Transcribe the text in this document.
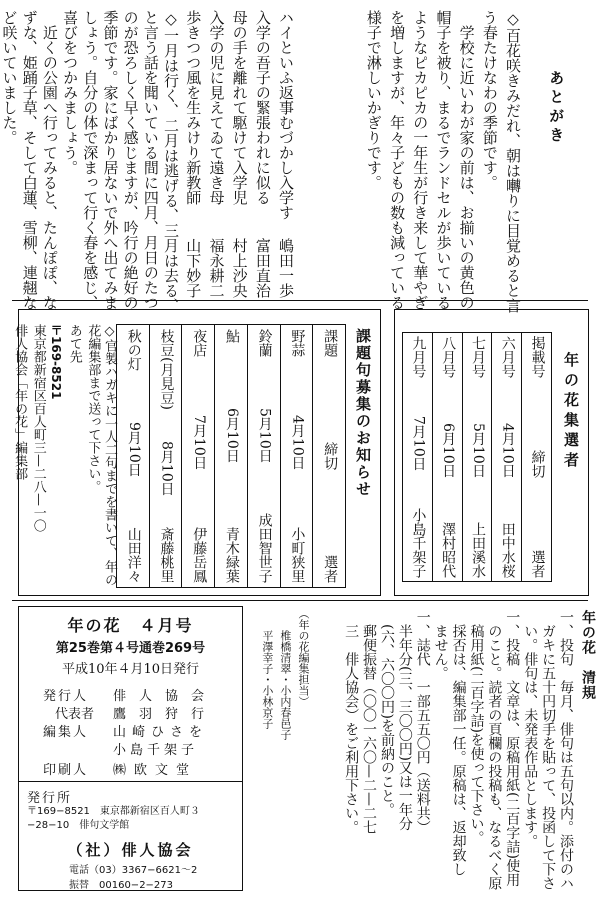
あとがき
◇百花咲きみだれ、朝は囀りに目覚めると言
う春たけなわの季節です。
　学校に近いわが家の前は、お揃いの黄色の
帽子を被り、まるでランドセルが歩いている
ようなピカピカの一年生が行き来して華やぎ
を増しますが、年々子どもの数も減っている
様子で淋しいかぎりです。
ハイといふ返事むづかし入学す
嶋田一歩
入学の吾子の緊張われに似る
富田直治
母の手を離れて駆けて入学児
村上沙央
入学の児に見えてゐて遠き母
福永耕二
歩きつつ風を生みけり新教師
山下妙子
◇一月は行く、二月は逃げる、三月は去る、
と言う話を聞いている間に四月、月日のたつ
のが恐ろしく早く感じますが、吟行の絶好の
季節です。家にばかり居ないで外へ出てみま
しょう。自分の体で深まって行く春を感じ、
喜びをつかみましょう。
　近くの公園へ行ってみると、たんぽぽ、な
ずな、姫踊子草、そして白蓮、雪柳、連翹な
ど咲いていました。
課題句募集のお知らせ
秋の灯
9月10日
山田洋々

枝豆(月見豆)
8月10日
斎藤桃里

夜店
7月10日
伊藤岳鳳

鮎
6月10日
青木緑葉

鈴蘭
5月10日
成田智世子

野蒜
4月10日
小町狭里

課題
締切
選者
◇官製ハガキに一人二句までを書いて、年の花編集部まで送って下さい。
あて先
〒169-8521
東京都新宿区百人町三—二八—一〇
俳人協会「年の花」編集部	年の花集選者
九月号
7月10日
小島千架子

八月号
6月10日
澤村昭代

七月号
5月10日
上田溪水

六月号
4月10日
田中水桜

掲載号
締切
選者
年の花　４月号
第25巻第４号通巻269号
平成10年４月10日発行
発行人 俳人協会
代表者 鷹羽狩行
編集人 山崎ひさを
小島千架子
印刷人 ㈱欧文堂
発行所
〒169−8521　東京都新宿区百人町３−28−10　俳句文学館
（社）俳人協会
電話（03）3367−6621〜2
振替　00160−2−273
（年の花編集担当）
椎橋清翠・小内春邑子
平澤幸子・小林京子	年の花　清規
一、投句　毎月、俳句は五句以内。添付のハ
　ガキに五十円切手を貼って、投函して下さ
　い。俳句は、未発表作品とします。
一、投稿　文章は、原稿用紙(二百字詰)使用
　のこと。読者の頁欄の投稿も、なるべく原
　稿用紙(二百字詰)を使って下さい。
　採否は、編集部一任。原稿は、返却致し
　ません。
一、誌代　一部五五〇円（送料共）
　半年分(三、三〇〇円)又は一年分
　(六、六〇〇円)を前納のこと。
　郵便振替（〇〇一六〇—二—二七
　三　俳人協会）をご利用下さい。
